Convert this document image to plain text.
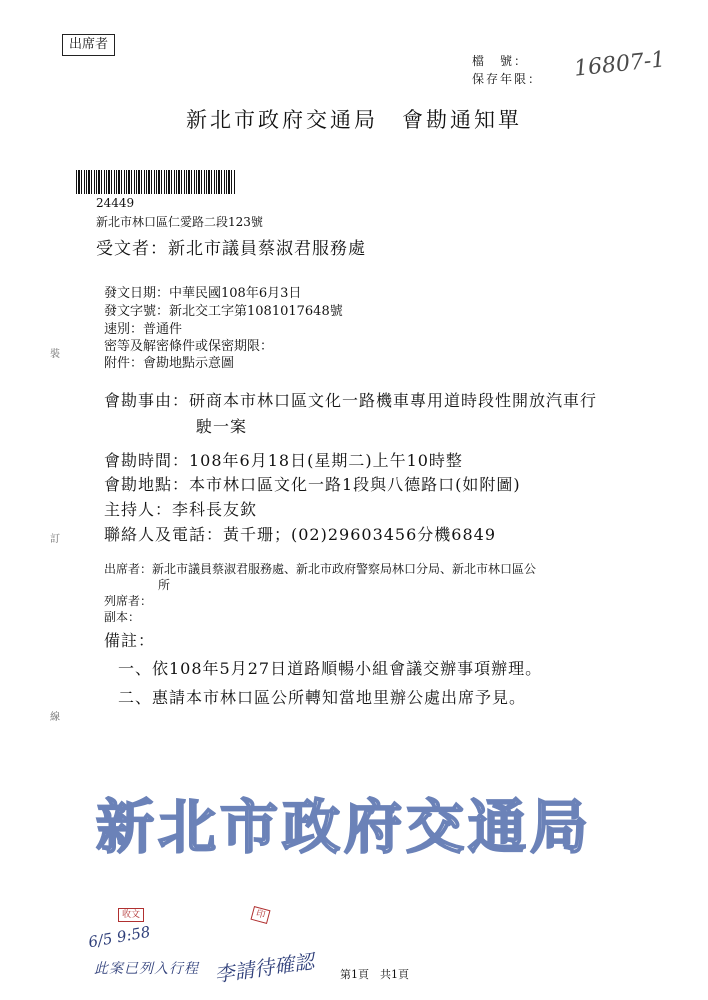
出席者
檔　號：
保存年限： 16807-1
新北市政府交通局　會勘通知單
24449
新北市林口區仁愛路二段123號
受文者：新北市議員蔡淑君服務處
發文日期：中華民國108年6月3日
發文字號：新北交工字第1081017648號
速別：普通件
密等及解密條件或保密期限：
附件：會勘地點示意圖
裝
訂
線
會勘事由：研商本市林口區文化一路機車專用道時段性開放汽車行
駛一案
會勘時間：108年6月18日(星期二)上午10時整
會勘地點：本市林口區文化一路1段與八德路口(如附圖)
主持人：李科長友欽
聯絡人及電話：黃千珊；(02)29603456分機6849
出席者：新北市議員蔡淑君服務處、新北市政府警察局林口分局、新北市林口區公
所
列席者：
副本：
備註：
一、依108年5月27日道路順暢小組會議交辦事項辦理。
二、惠請本市林口區公所轉知當地里辦公處出席予見。
新北市政府交通局
收文
6/5 9:58
此案已列入行程
印
李請待確認 第1頁　共1頁
